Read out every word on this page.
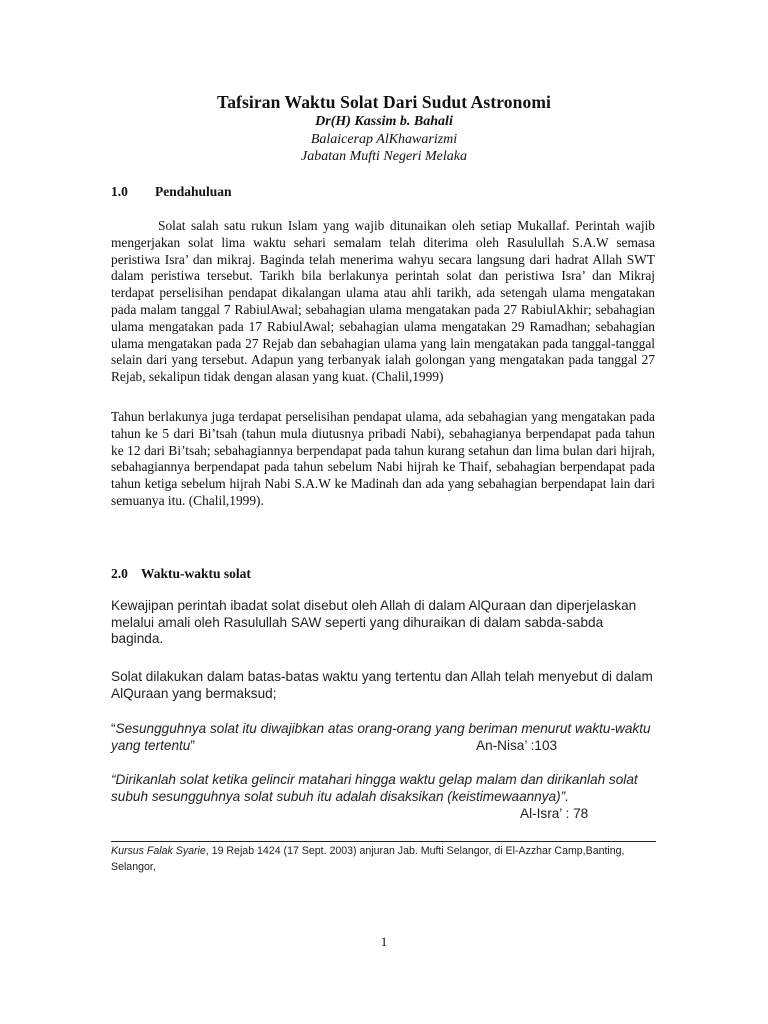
Tafsiran Waktu Solat Dari Sudut Astronomi
Dr(H) Kassim b. Bahali
Balaicerap AlKhawarizmi
Jabatan Mufti Negeri Melaka
1.0 Pendahuluan
Solat salah satu rukun Islam yang wajib ditunaikan oleh setiap Mukallaf. Perintah wajib mengerjakan solat lima waktu sehari semalam telah diterima oleh Rasulullah S.A.W semasa peristiwa Isra’ dan mikraj. Baginda telah menerima wahyu secara langsung dari hadrat Allah SWT dalam peristiwa tersebut. Tarikh bila berlakunya perintah solat dan peristiwa Isra’ dan Mikraj terdapat perselisihan pendapat dikalangan ulama atau ahli tarikh, ada setengah ulama mengatakan pada malam tanggal 7 RabiulAwal; sebahagian ulama mengatakan pada 27 RabiulAkhir; sebahagian ulama mengatakan pada 17 RabiulAwal; sebahagian ulama mengatakan 29 Ramadhan; sebahagian ulama mengatakan pada 27 Rejab dan sebahagian ulama yang lain mengatakan pada tanggal-tanggal selain dari yang tersebut. Adapun yang terbanyak ialah golongan yang mengatakan pada tanggal 27 Rejab, sekalipun tidak dengan alasan yang kuat. (Chalil,1999)
Tahun berlakunya juga terdapat perselisihan pendapat ulama, ada sebahagian yang mengatakan pada tahun ke 5 dari Bi’tsah (tahun mula diutusnya pribadi Nabi), sebahagianya berpendapat pada tahun ke 12 dari Bi’tsah; sebahagiannya berpendapat pada tahun kurang setahun dan lima bulan dari hijrah, sebahagiannya berpendapat pada tahun sebelum Nabi hijrah ke Thaif, sebahagian berpendapat pada tahun ketiga sebelum hijrah Nabi S.A.W ke Madinah dan ada yang sebahagian berpendapat lain dari semuanya itu. (Chalil,1999).
2.0 Waktu-waktu solat
Kewajipan perintah ibadat solat disebut oleh Allah di dalam AlQuraan dan diperjelaskan melalui amali oleh Rasulullah SAW seperti yang dihuraikan di dalam sabda-sabda baginda.
Solat dilakukan dalam batas-batas waktu yang tertentu dan Allah telah menyebut di dalam AlQuraan yang bermaksud;
“Sesungguhnya solat itu diwajibkan atas orang-orang yang beriman menurut waktu-waktu yang tertentu”	An-Nisa’ :103
“Dirikanlah solat ketika gelincir matahari hingga waktu gelap malam dan dirikanlah solat subuh sesungguhnya solat subuh itu adalah disaksikan (keistimewaannya)”.
Al-Isra’ : 78
Kursus Falak Syarie, 19 Rejab 1424 (17 Sept. 2003) anjuran Jab. Mufti Selangor, di El-Azzhar Camp,Banting, Selangor,
1
